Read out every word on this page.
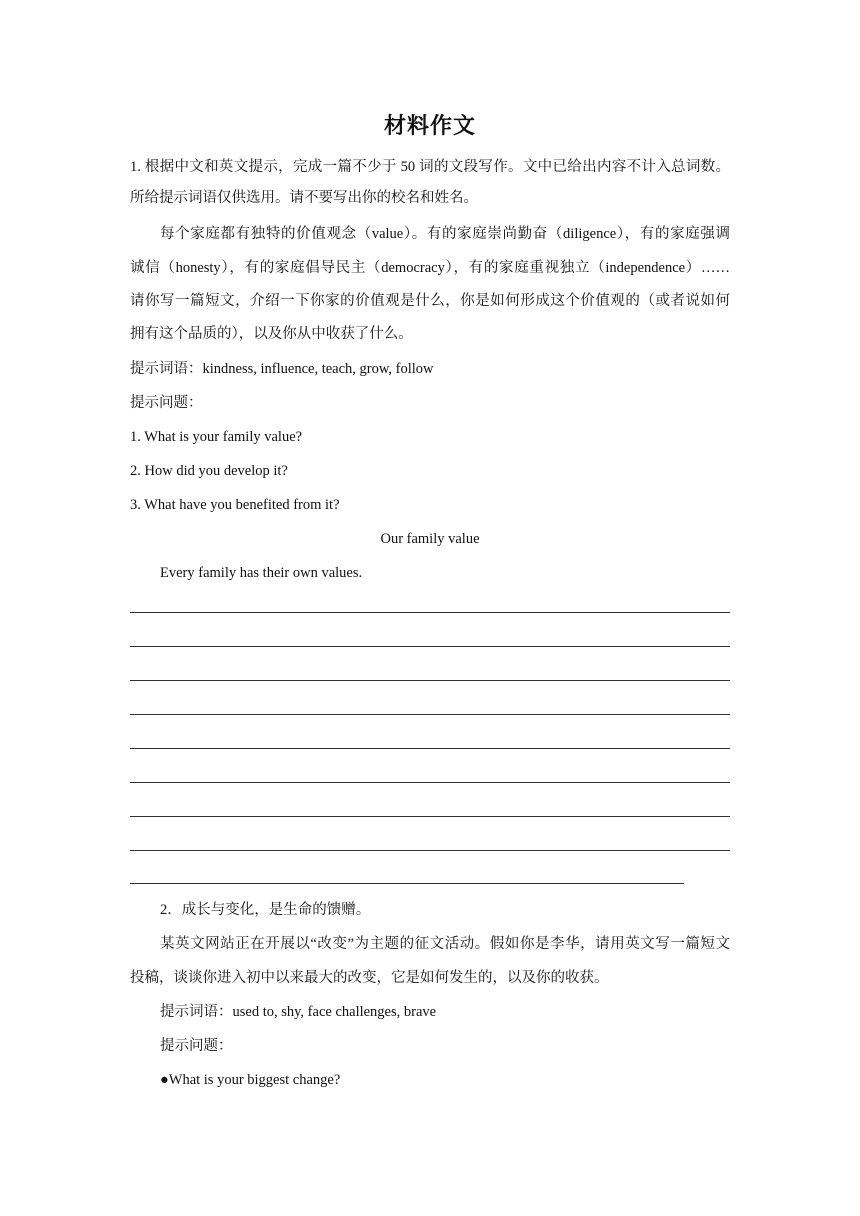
材料作文
1. 根据中文和英文提示，完成一篇不少于 50 词的文段写作。文中已给出内容不计入总词数。
所给提示词语仅供选用。请不要写出你的校名和姓名。
每个家庭都有独特的价值观念（value）。有的家庭崇尚勤奋（diligence），有的家庭强调
诚信（honesty），有的家庭倡导民主（democracy），有的家庭重视独立（independence）……
请你写一篇短文，介绍一下你家的价值观是什么，你是如何形成这个价值观的（或者说如何
拥有这个品质的），以及你从中收获了什么。
提示词语：kindness, influence, teach, grow, follow
提示问题：
1. What is your family value?
2. How did you develop it?
3. What have you benefited from it?
Our family value
Every family has their own values.
2．成长与变化，是生命的馈赠。
某英文网站正在开展以“改变”为主题的征文活动。假如你是李华，请用英文写一篇短文
投稿，谈谈你进入初中以来最大的改变，它是如何发生的，以及你的收获。
提示词语：used to, shy, face challenges, brave
提示问题：
●What is your biggest change?
